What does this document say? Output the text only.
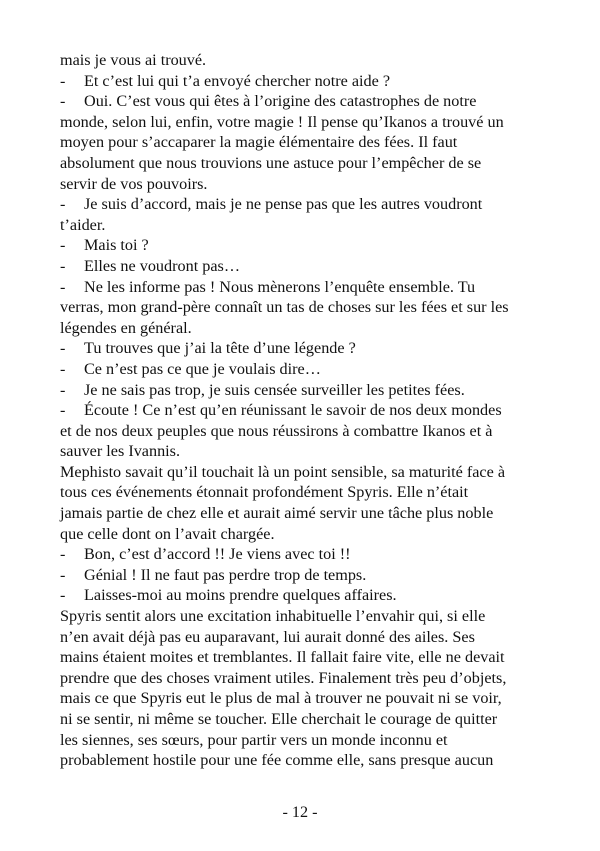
mais je vous ai trouvé.
- Et c’est lui qui t’a envoyé chercher notre aide ?
- Oui. C’est vous qui êtes à l’origine des catastrophes de notre
monde, selon lui, enfin, votre magie ! Il pense qu’Ikanos a trouvé un
moyen pour s’accaparer la magie élémentaire des fées. Il faut
absolument que nous trouvions une astuce pour l’empêcher de se
servir de vos pouvoirs.
- Je suis d’accord, mais je ne pense pas que les autres voudront
t’aider.
- Mais toi ?
- Elles ne voudront pas…
- Ne les informe pas ! Nous mènerons l’enquête ensemble. Tu
verras, mon grand-père connaît un tas de choses sur les fées et sur les
légendes en général.
- Tu trouves que j’ai la tête d’une légende ?
- Ce n’est pas ce que je voulais dire…
- Je ne sais pas trop, je suis censée surveiller les petites fées.
- Écoute ! Ce n’est qu’en réunissant le savoir de nos deux mondes
et de nos deux peuples que nous réussirons à combattre Ikanos et à
sauver les Ivannis.
Mephisto savait qu’il touchait là un point sensible, sa maturité face à
tous ces événements étonnait profondément Spyris. Elle n’était
jamais partie de chez elle et aurait aimé servir une tâche plus noble
que celle dont on l’avait chargée.
- Bon, c’est d’accord !! Je viens avec toi !!
- Génial ! Il ne faut pas perdre trop de temps.
- Laisses-moi au moins prendre quelques affaires.
Spyris sentit alors une excitation inhabituelle l’envahir qui, si elle
n’en avait déjà pas eu auparavant, lui aurait donné des ailes. Ses
mains étaient moites et tremblantes. Il fallait faire vite, elle ne devait
prendre que des choses vraiment utiles. Finalement très peu d’objets,
mais ce que Spyris eut le plus de mal à trouver ne pouvait ni se voir,
ni se sentir, ni même se toucher. Elle cherchait le courage de quitter
les siennes, ses sœurs, pour partir vers un monde inconnu et
probablement hostile pour une fée comme elle, sans presque aucun
- 12 -
